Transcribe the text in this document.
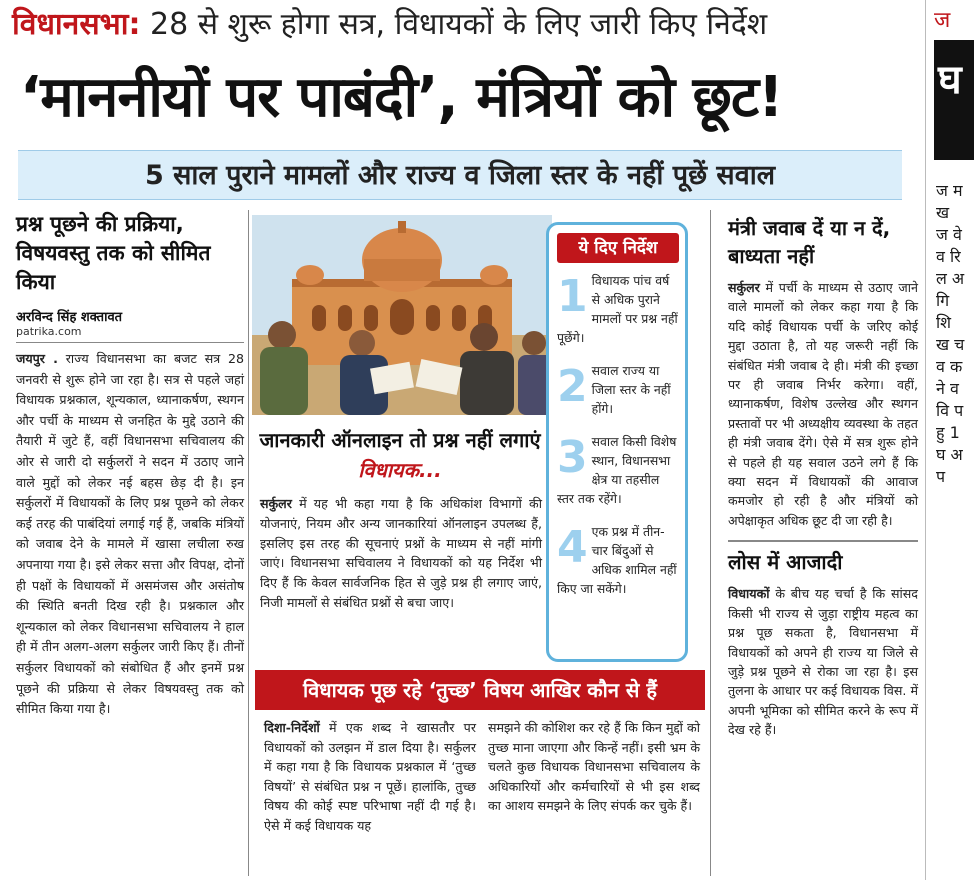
विधानसभा: 28 से शुरू होगा सत्र, विधायकों के लिए जारी किए निर्देश
‘माननीयों पर पाबंदी’, मंत्रियों को छूट!
5 साल पुराने मामलों और राज्य व जिला स्तर के नहीं पूछें सवाल
ज
घ
ज म ख ज वे व रि ल अ गि शि ख च व क ने व वि प हु 1 घ अ प
प्रश्न पूछने की प्रक्रिया, विषयवस्तु तक को सीमित किया
अरविन्द सिंह शक्तावत
patrika.com
जयपुर . राज्य विधानसभा का बजट सत्र 28 जनवरी से शुरू होने जा रहा है। सत्र से पहले जहां विधायक प्रश्नकाल, शून्यकाल, ध्यानाकर्षण, स्थगन और पर्ची के माध्यम से जनहित के मुद्दे उठाने की तैयारी में जुटे हैं, वहीं विधानसभा सचिवालय की ओर से जारी दो सर्कुलरों ने सदन में उठाए जाने वाले मुद्दों को लेकर नई बहस छेड़ दी है। इन सर्कुलरों में विधायकों के लिए प्रश्न पूछने को लेकर कई तरह की पाबंदियां लगाई गई हैं, जबकि मंत्रियों को जवाब देने के मामले में खासा लचीला रुख अपनाया गया है। इसे लेकर सत्ता और विपक्ष, दोनों ही पक्षों के विधायकों में असमंजस और असंतोष की स्थिति बनती दिख रही है। प्रश्नकाल और शून्यकाल को लेकर विधानसभा सचिवालय ने हाल ही में तीन अलग-अलग सर्कुलर जारी किए हैं। तीनों सर्कुलर विधायकों को संबोधित हैं और इनमें प्रश्न पूछने की प्रक्रिया से लेकर विषयवस्तु तक को सीमित किया गया है।
ये दिए निर्देश
1 विधायक पांच वर्ष से अधिक पुराने मामलों पर प्रश्न नहीं पूछेंगे।
2 सवाल राज्य या जिला स्तर के नहीं होंगे।
3 सवाल किसी विशेष स्थान, विधानसभा क्षेत्र या तहसील स्तर तक रहेंगे।
4 एक प्रश्न में तीन-चार बिंदुओं से अधिक शामिल नहीं किए जा सकेंगे।
जानकारी ऑनलाइन तो प्रश्न नहीं लगाएं विधायक...
सर्कुलर में यह भी कहा गया है कि अधिकांश विभागों की योजनाएं, नियम और अन्य जानकारियां ऑनलाइन उपलब्ध हैं, इसलिए इस तरह की सूचनाएं प्रश्नों के माध्यम से नहीं मांगी जाएं। विधानसभा सचिवालय ने विधायकों को यह निर्देश भी दिए हैं कि केवल सार्वजनिक हित से जुड़े प्रश्न ही लगाए जाएं, निजी मामलों से संबंधित प्रश्नों से बचा जाए।
विधायक पूछ रहे ‘तुच्छ’ विषय आखिर कौन से हैं
दिशा-निर्देशों में एक शब्द ने खासतौर पर विधायकों को उलझन में डाल दिया है। सर्कुलर में कहा गया है कि विधायक प्रश्नकाल में ‘तुच्छ विषयों’ से संबंधित प्रश्न न पूछें। हालांकि, तुच्छ विषय की कोई स्पष्ट परिभाषा नहीं दी गई है। ऐसे में कई विधायक यह
समझने की कोशिश कर रहे हैं कि किन मुद्दों को तुच्छ माना जाएगा और किन्हें नहीं। इसी भ्रम के चलते कुछ विधायक विधानसभा सचिवालय के अधिकारियों और कर्मचारियों से भी इस शब्द का आशय समझने के लिए संपर्क कर चुके हैं।
मंत्री जवाब दें या न दें, बाध्यता नहीं

सर्कुलर में पर्ची के माध्यम से उठाए जाने वाले मामलों को लेकर कहा गया है कि यदि कोई विधायक पर्ची के जरिए कोई मुद्दा उठाता है, तो यह जरूरी नहीं कि संबंधित मंत्री जवाब दे ही। मंत्री की इच्छा पर ही जवाब निर्भर करेगा। वहीं, ध्यानाकर्षण, विशेष उल्लेख और स्थगन प्रस्तावों पर भी अध्यक्षीय व्यवस्था के तहत ही मंत्री जवाब देंगे। ऐसे में सत्र शुरू होने से पहले ही यह सवाल उठने लगे हैं कि क्या सदन में विधायकों की आवाज कमजोर हो रही है और मंत्रियों को अपेक्षाकृत अधिक छूट दी जा रही है।

लोस में आजादी

विधायकों के बीच यह चर्चा है कि सांसद किसी भी राज्य से जुड़ा राष्ट्रीय महत्व का प्रश्न पूछ सकता है, विधानसभा में विधायकों को अपने ही राज्य या जिले से जुड़े प्रश्न पूछने से रोका जा रहा है। इस तुलना के आधार पर कई विधायक विस. में अपनी भूमिका को सीमित करने के रूप में देख रहे हैं।
